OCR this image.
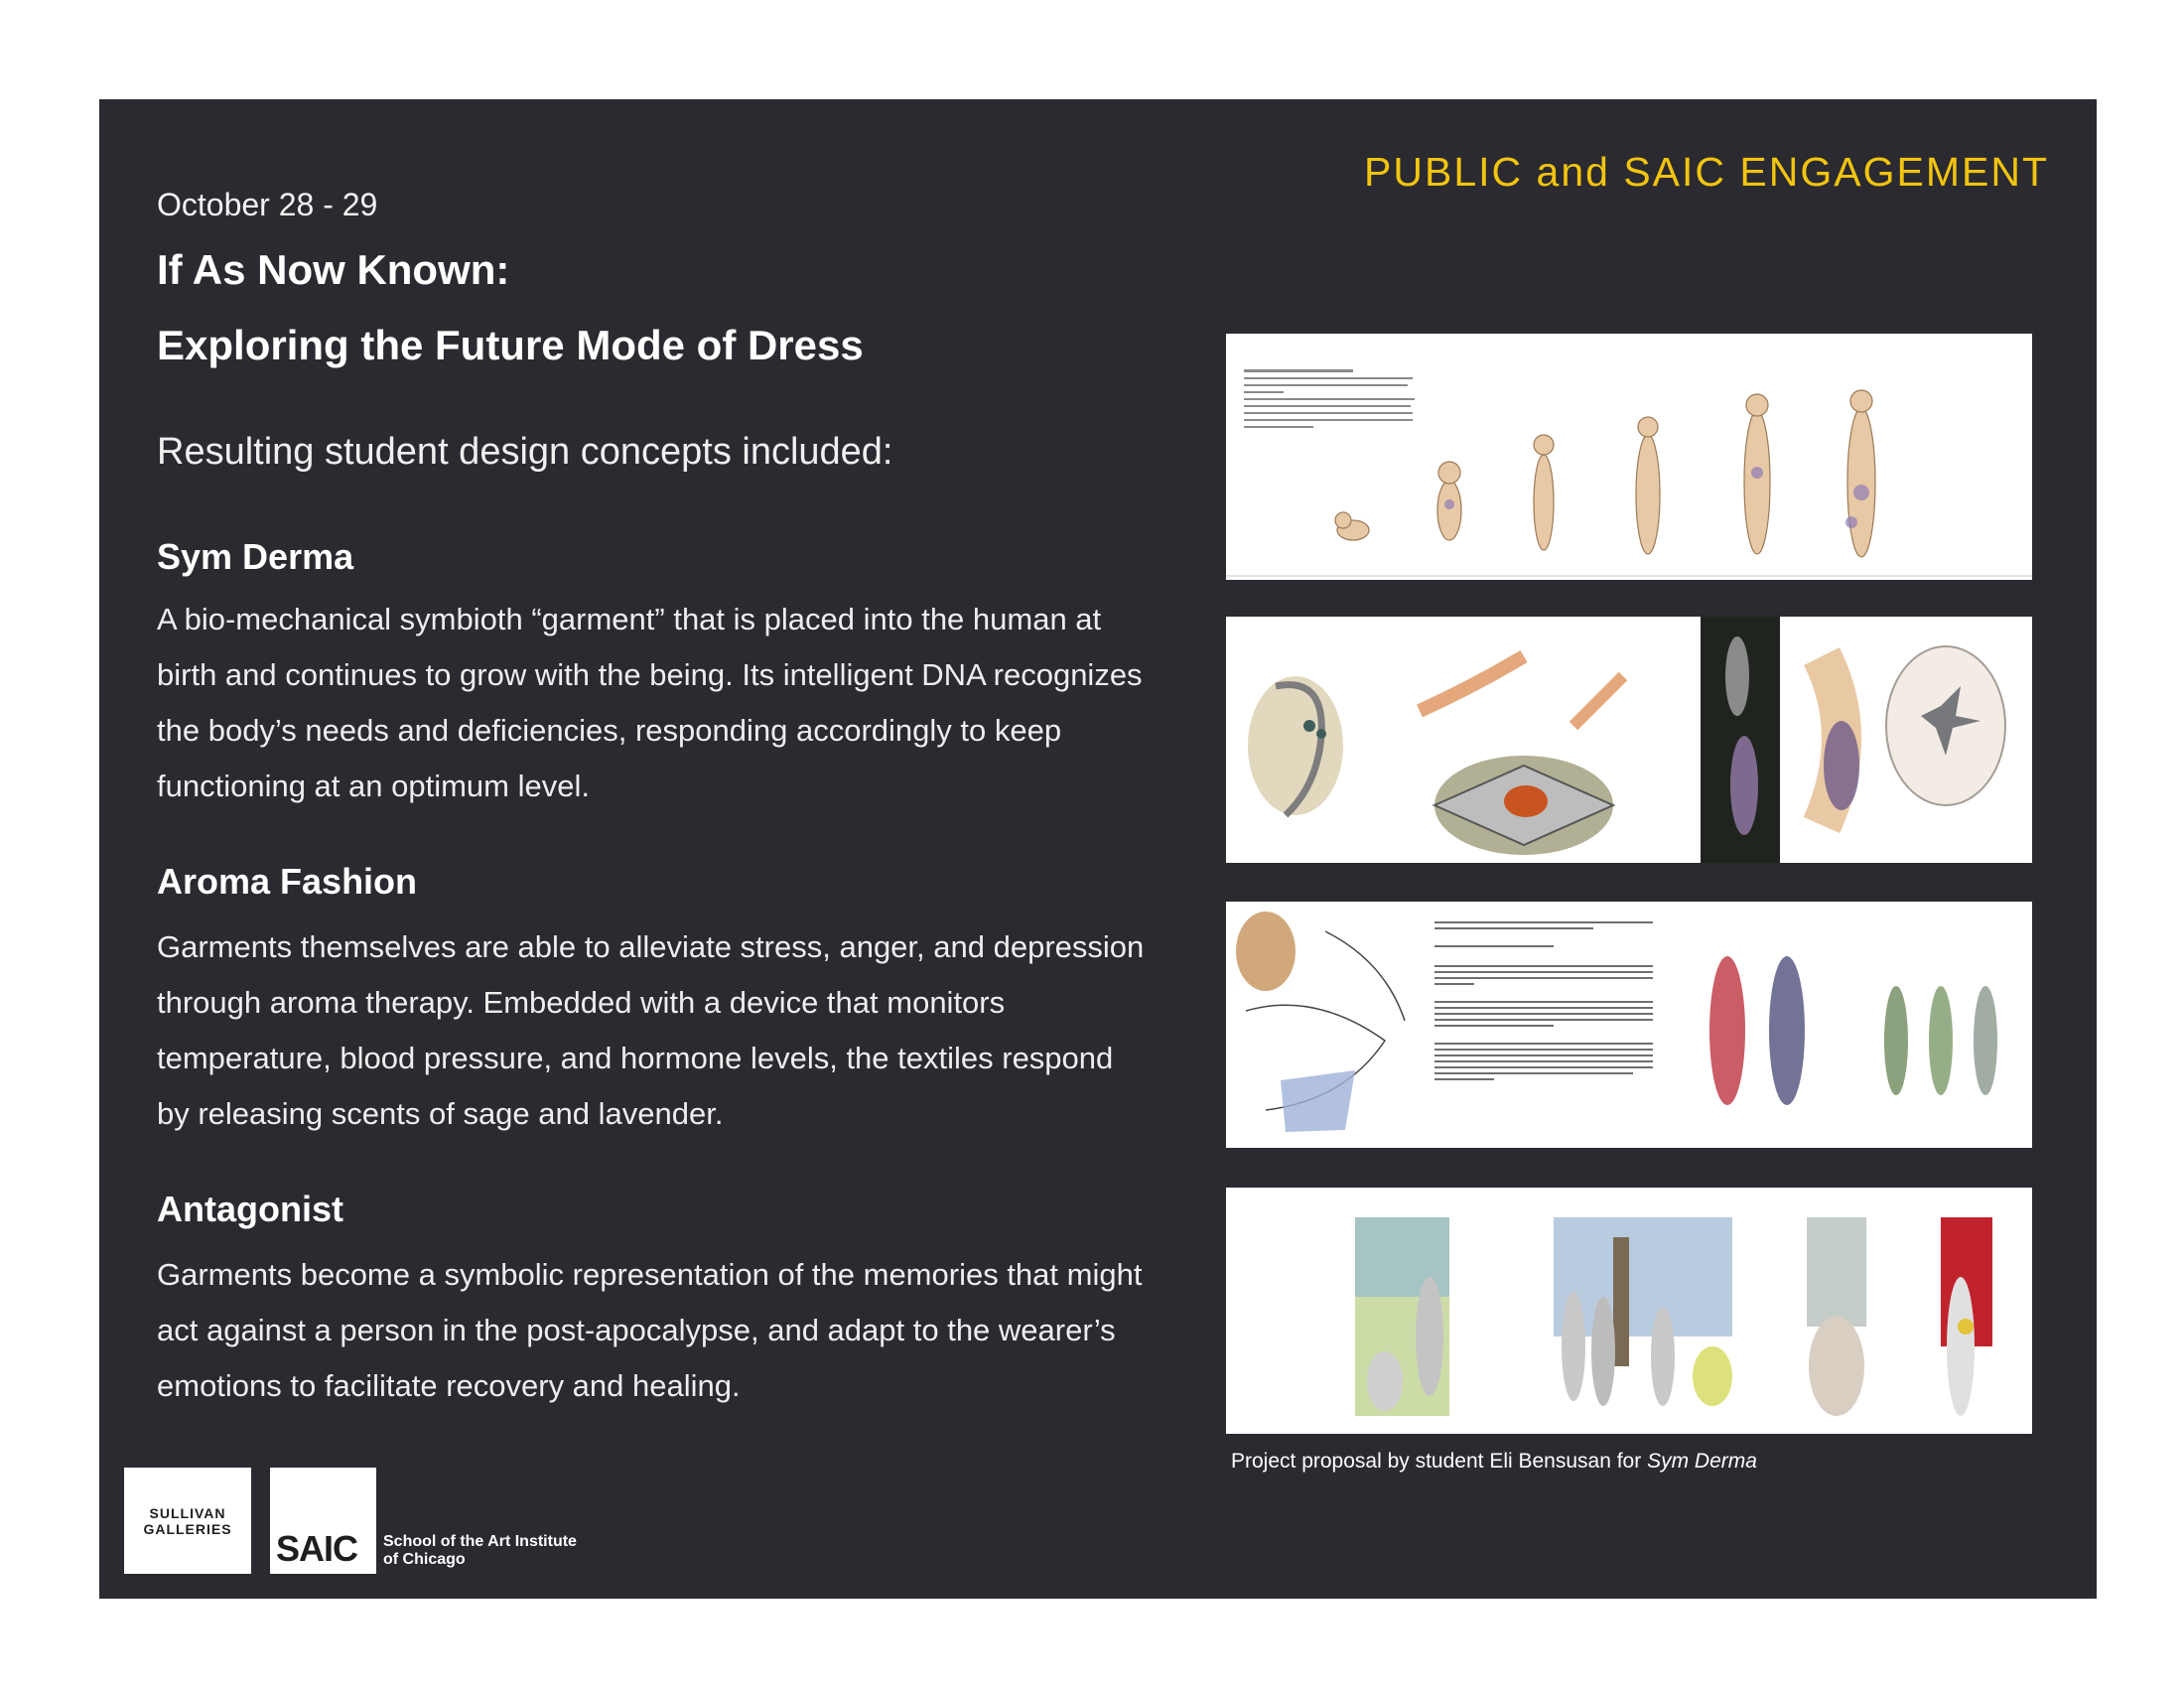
PUBLIC and SAIC ENGAGEMENT
October 28 - 29
If As Now Known:
Exploring the Future Mode of Dress
Resulting student design concepts included:
Sym Derma
A bio-mechanical symbioth “garment” that is placed into the human at birth and continues to grow with the being. Its intelligent DNA recognizes the body’s needs and deficiencies, responding accordingly to keep functioning at an optimum level.
Aroma Fashion
Garments themselves are able to alleviate stress, anger, and depression through aroma therapy. Embedded with a device that monitors temperature, blood pressure, and hormone levels, the textiles respond by releasing scents of sage and lavender.
Antagonist
Garments become a symbolic representation of the memories that might act against a person in the post-apocalypse, and adapt to the wearer’s emotions to facilitate recovery and healing.
Project proposal by student Eli Bensusan for Sym Derma
SULLIVAN
GALLERIES SAIC School of the Art Institute
of Chicago
